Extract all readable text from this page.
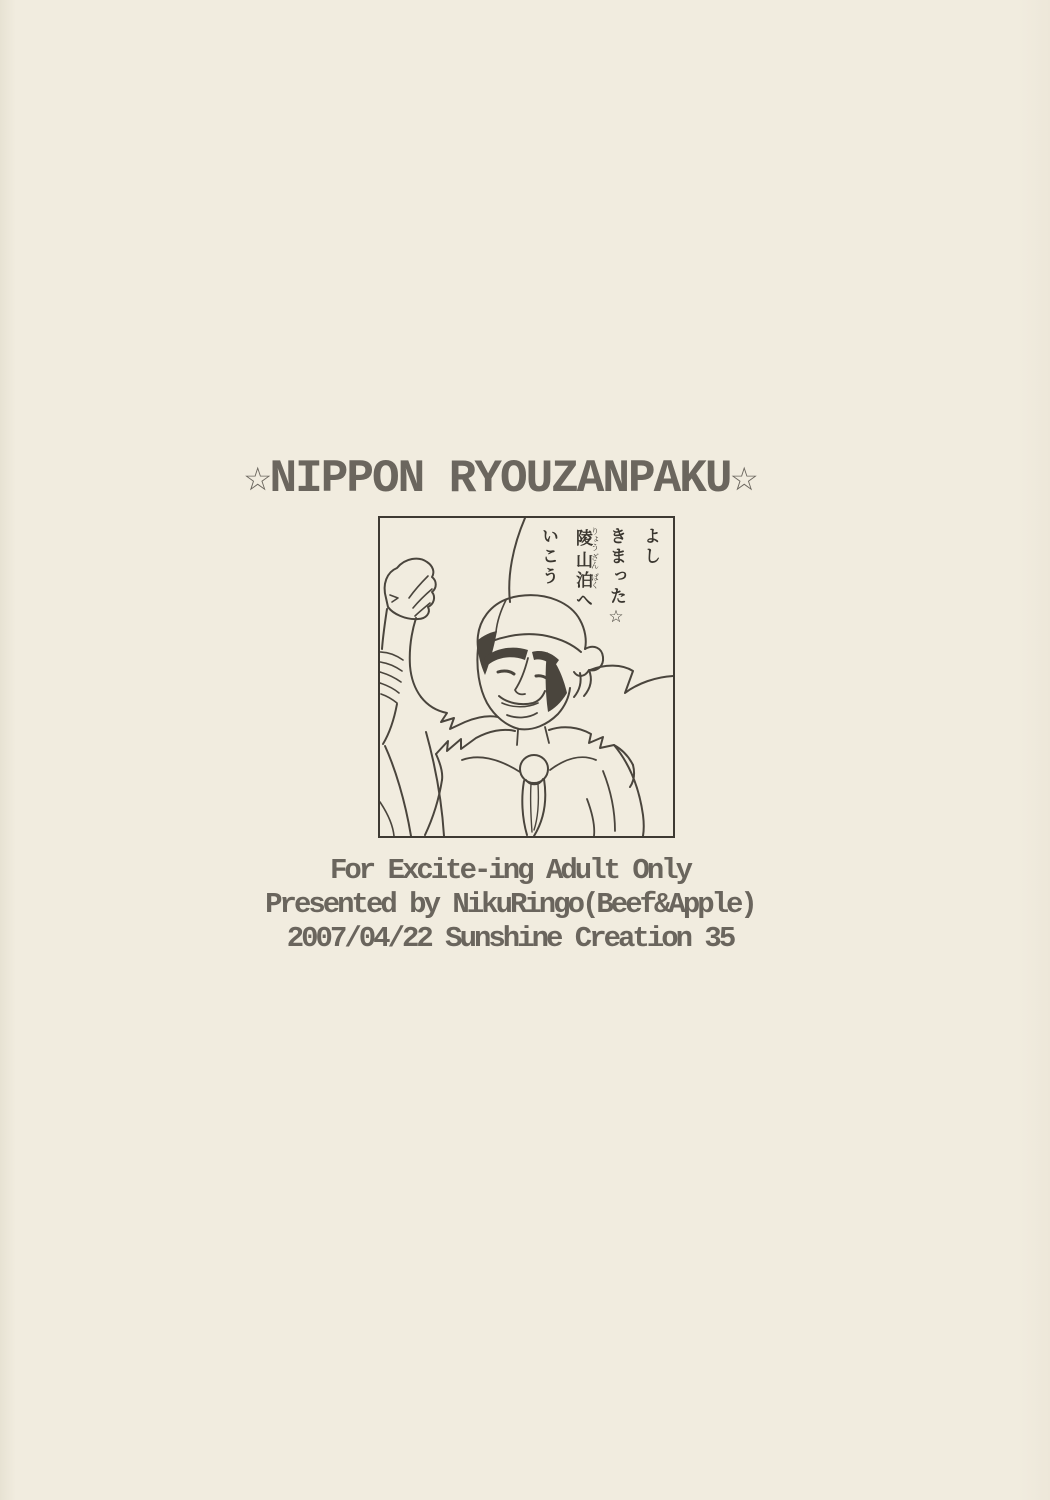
☆NIPPON RYOUZANPAKU☆
よし
きまった☆
陵りょう山ざん泊ぱくへ
いこう
For Excite-ing Adult Only
Presented by NikuRingo(Beef&Apple)
2007/04/22 Sunshine Creation 35
